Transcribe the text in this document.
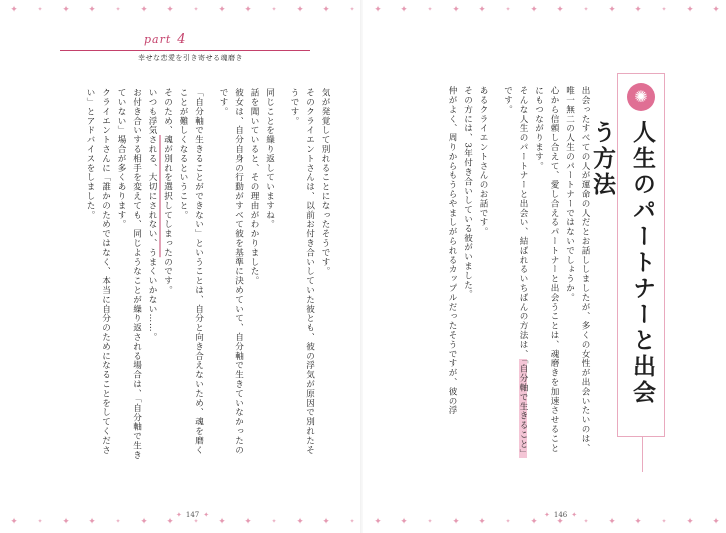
part 4
幸せな恋愛を引き寄せる魂磨き
気が発覚して別れることになったそうです。
そのクライエントさんは、以前お付き合いしていた彼とも、彼の浮気が原因で別れたそうです。
同じことを繰り返していますね。
話を聞いていると、その理由がわかりました。
彼女は、自分自身の行動がすべて彼を基準に決めていて、自分軸で生きていなかったのです。
「自分軸で生きることができない」ということは、自分と向き合えないため、魂を磨くことが難しくなるということ。
そのため、魂が別れを選択してしまったのです。
いつも浮気される、大切にされない、うまくいかない……。
お付き合いする相手を変えても、同じようなことが繰り返される場合は、「自分軸で生きていない」場合が多くあります。
クライエントさんに「誰かのためではなく、本当に自分のためになることをしてください」とアドバイスをしました。
✦ 147 ✦
出会ったすべての人が運命の人だとお話ししましたが、多くの女性が出会いたいのは、唯一無二の人生のパートナーではないでしょうか。
心から信頼し合えて、愛し合えるパートナーと出会うことは、魂磨きを加速させることにもつながります。
そんな人生のパートナーと出会い、結ばれるいちばんの方法は、「自分軸で生きること」です。
あるクライエントさんのお話です。
その方には、3年付き合いしている彼がいました。
仲がよく、周りからもうらやましがられるカップルだったそうですが、彼の浮	✺
人生のパートナーと出会う方法
✦ 146 ✦
✦	✦ ✦ ✦	✦ ✦ ✦	✦ ✦ ✦	✦ ✦ ✦	✦ ✦ ✦	✦ ✦ ✦	✦ ✦ ✦	✦ ✦ ✦	✦ ✦ ✦
✦	✦ ✦ ✦	✦ ✦ ✦	✦ ✦ ✦	✦ ✦ ✦	✦ ✦ ✦	✦ ✦ ✦	✦ ✦ ✦	✦ ✦ ✦	✦ ✦ ✦
